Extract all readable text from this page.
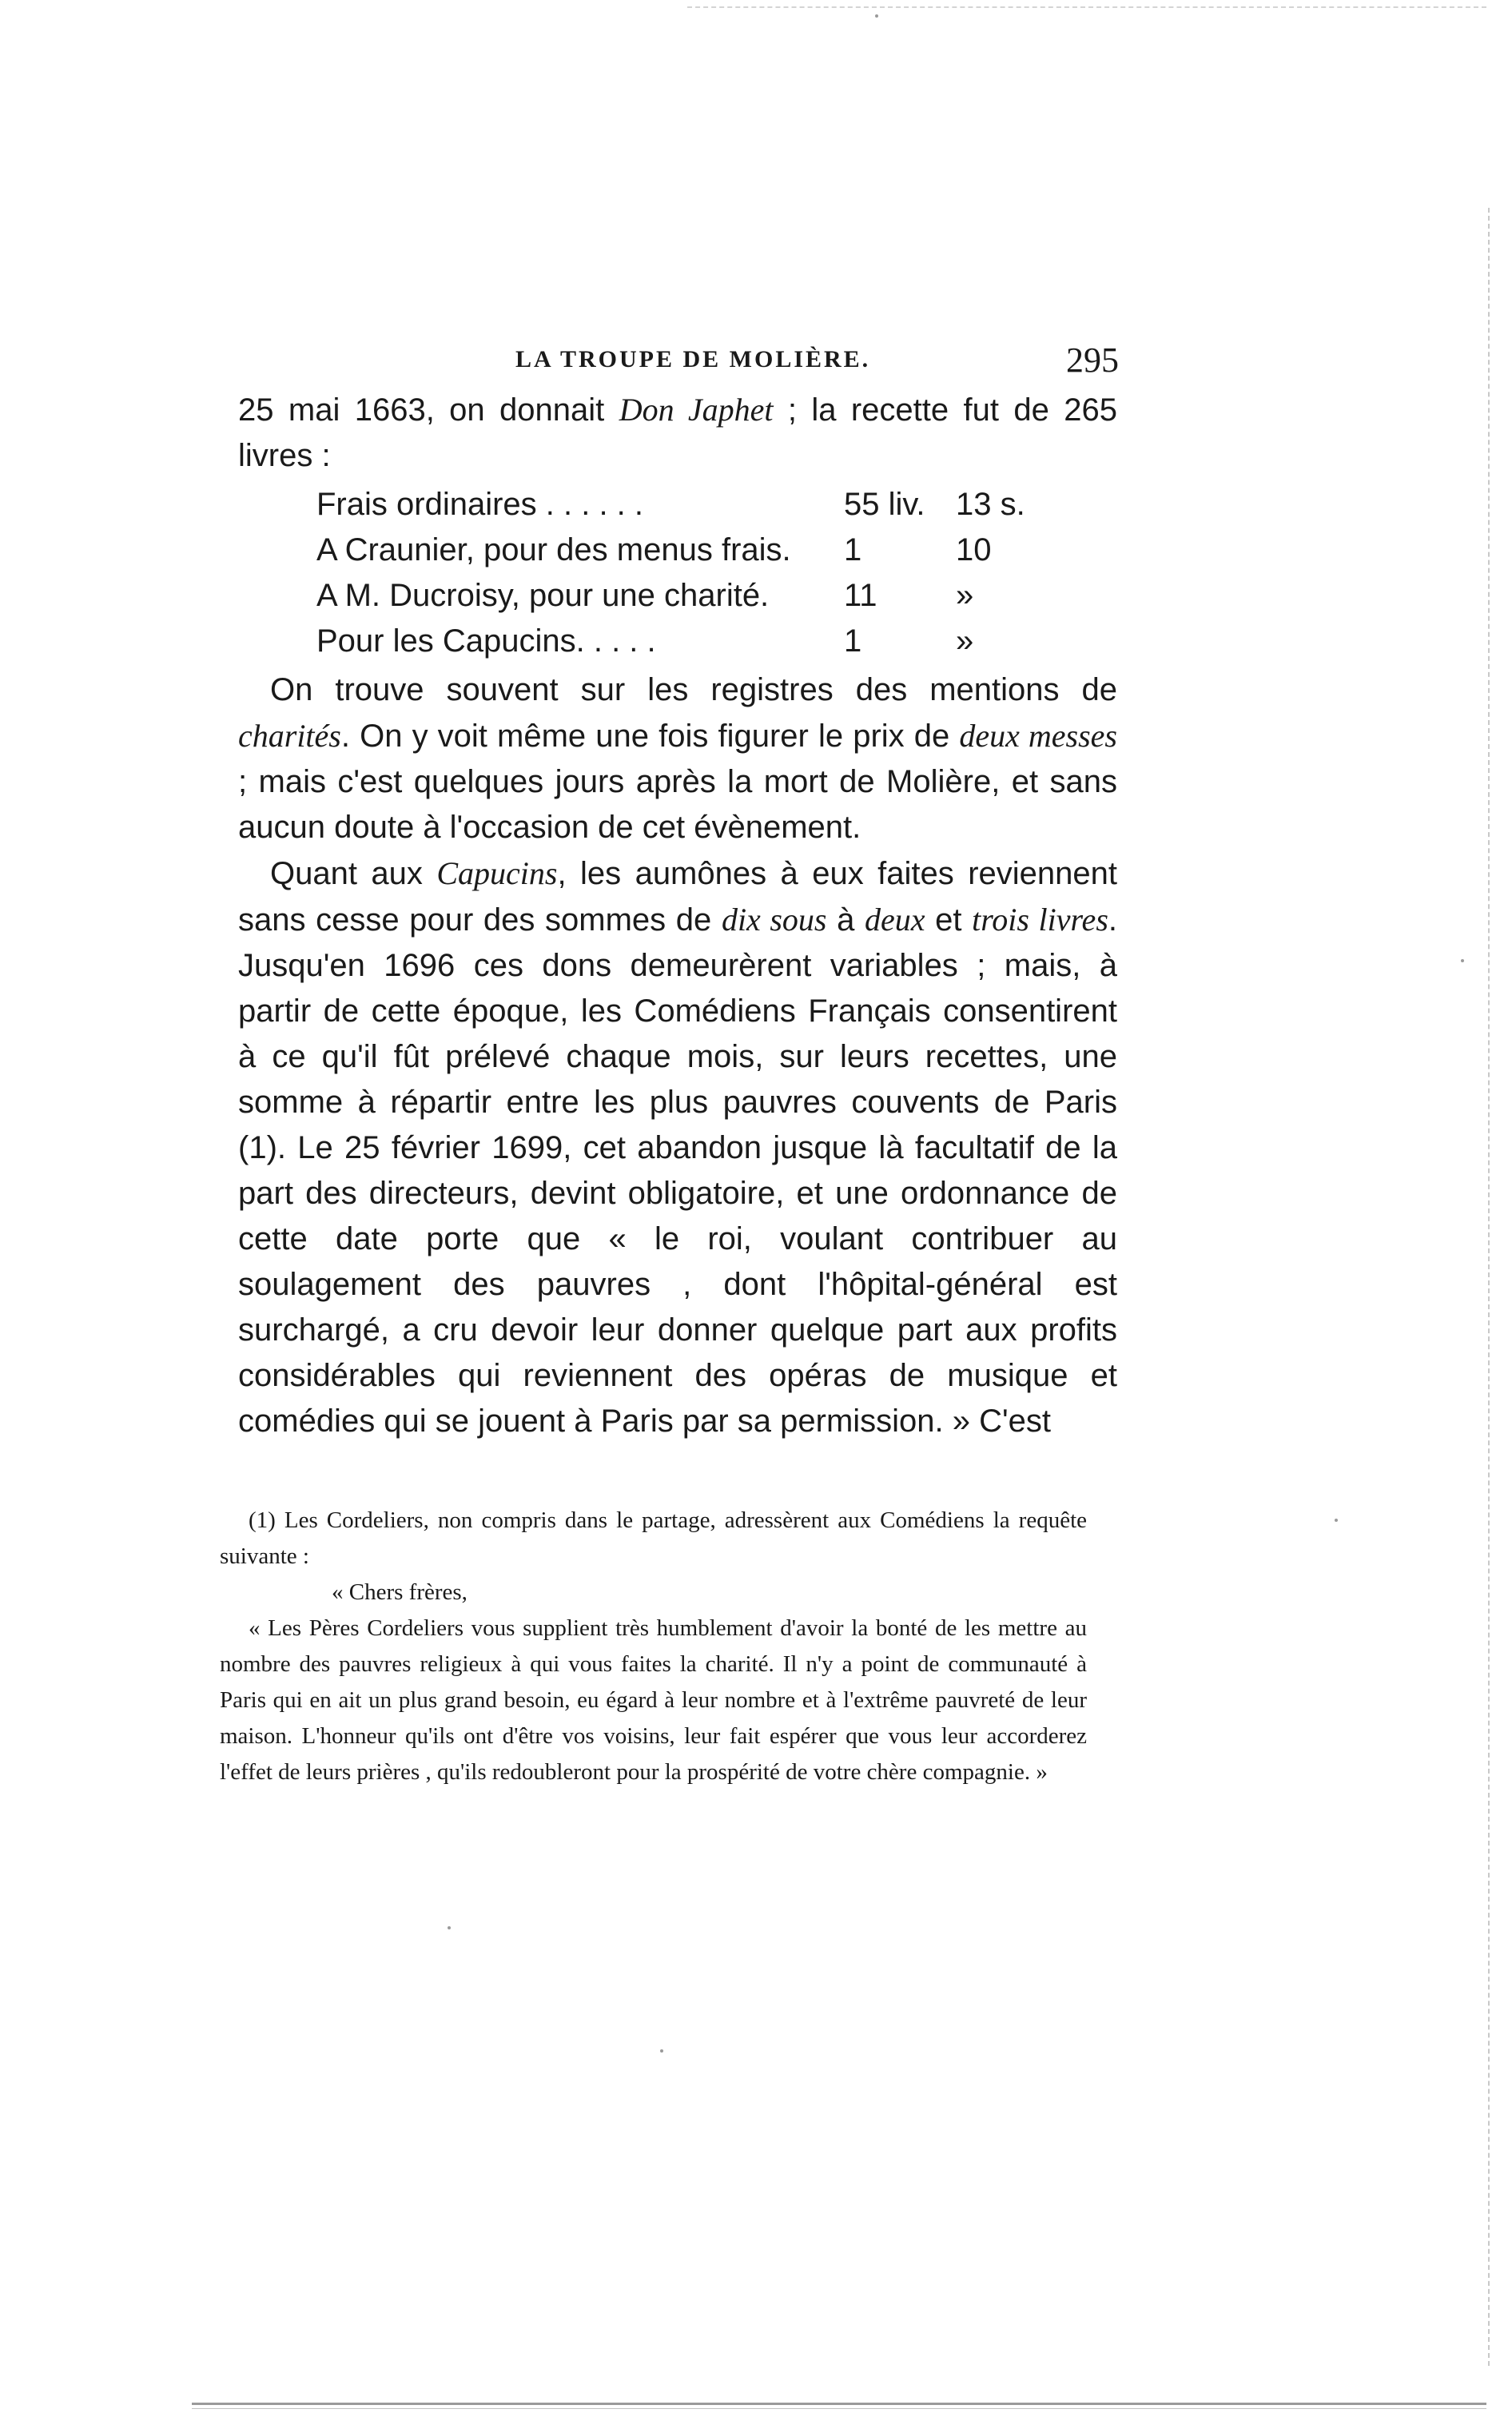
LA TROUPE DE MOLIÈRE.	295

25 mai 1663, on donnait Don Japhet ; la recette fut de 265 livres :

Frais ordinaires . . . . . .	55 liv. 13 s.
A Craunier, pour des menus frais.	1	10
A M. Ducroisy, pour une charité.	11	»
Pour les Capucins. . . . .	1	»

On trouve souvent sur les registres des mentions de charités. On y voit même une fois figurer le prix de deux messes ; mais c'est quelques jours après la mort de Molière, et sans aucun doute à l'occasion de cet évènement.

Quant aux Capucins, les aumônes à eux faites reviennent sans cesse pour des sommes de dix sous à deux et trois livres. Jusqu'en 1696 ces dons demeurèrent variables ; mais, à partir de cette époque, les Comédiens Français consentirent à ce qu'il fût prélevé chaque mois, sur leurs recettes, une somme à répartir entre les plus pauvres couvents de Paris (1). Le 25 février 1699, cet abandon jusque là facultatif de la part des directeurs, devint obligatoire, et une ordonnance de cette date porte que « le roi, voulant contribuer au soulagement des pauvres , dont l'hôpital-général est surchargé, a cru devoir leur donner quelque part aux profits considérables qui reviennent des opéras de musique et comédies qui se jouent à Paris par sa permission. » C'est

(1) Les Cordeliers, non compris dans le partage, adressèrent aux Comédiens la requête suivante :

« Chers frères,

« Les Pères Cordeliers vous supplient très humblement d'avoir la bonté de les mettre au nombre des pauvres religieux à qui vous faites la charité. Il n'y a point de communauté à Paris qui en ait un plus grand besoin, eu égard à leur nombre et à l'extrême pauvreté de leur maison. L'honneur qu'ils ont d'être vos voisins, leur fait espérer que vous leur accorderez l'effet de leurs prières , qu'ils redoubleront pour la prospérité de votre chère compagnie. »
